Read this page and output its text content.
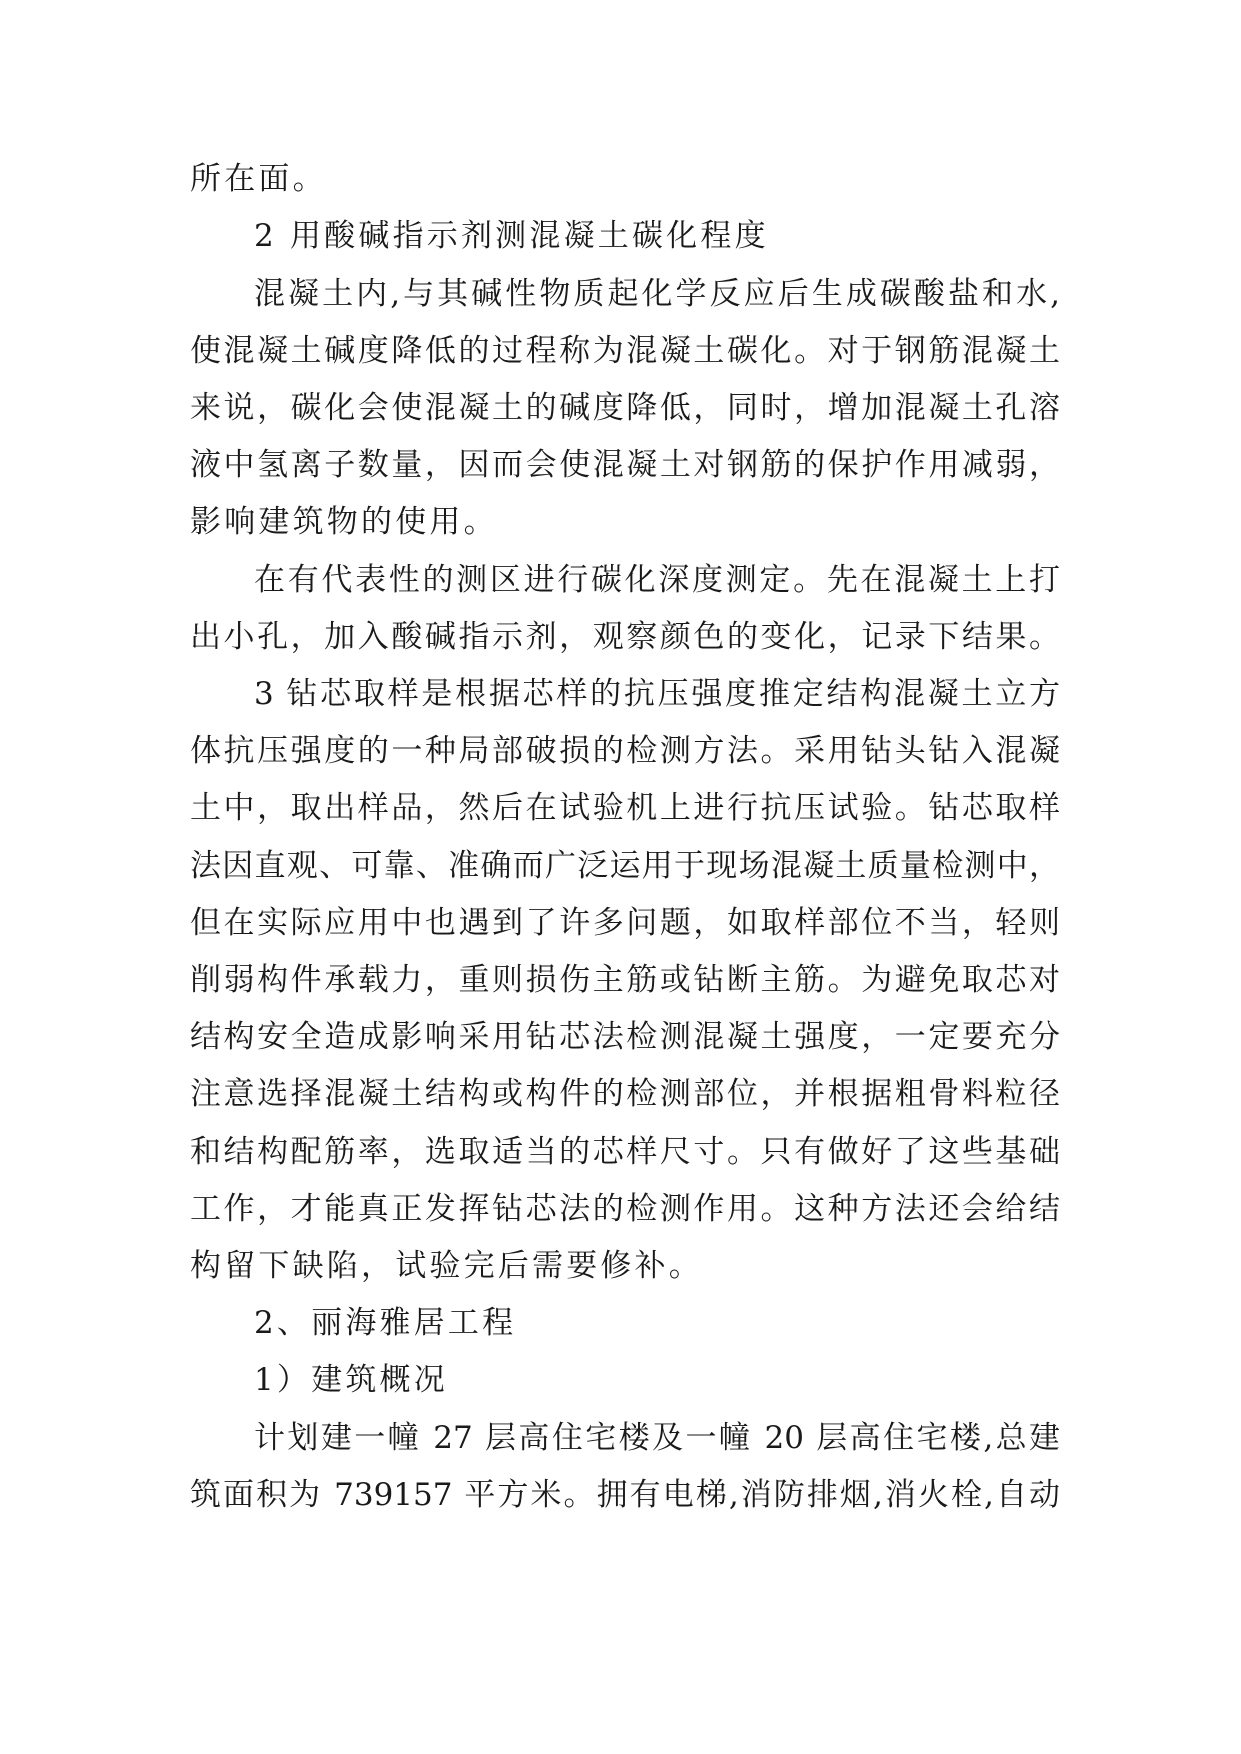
所在面。
2 用酸碱指示剂测混凝土碳化程度
混凝土内,与其碱性物质起化学反应后生成碳酸盐和水,
使混凝土碱度降低的过程称为混凝土碳化。对于钢筋混凝土
来说，碳化会使混凝土的碱度降低，同时，增加混凝土孔溶
液中氢离子数量，因而会使混凝土对钢筋的保护作用减弱，
影响建筑物的使用。
在有代表性的测区进行碳化深度测定。先在混凝土上打
出小孔，加入酸碱指示剂，观察颜色的变化，记录下结果。
3 钻芯取样是根据芯样的抗压强度推定结构混凝土立方
体抗压强度的一种局部破损的检测方法。采用钻头钻入混凝
土中，取出样品，然后在试验机上进行抗压试验。钻芯取样
法因直观、可靠、准确而广泛运用于现场混凝土质量检测中，
但在实际应用中也遇到了许多问题，如取样部位不当，轻则
削弱构件承载力，重则损伤主筋或钻断主筋。为避免取芯对
结构安全造成影响采用钻芯法检测混凝土强度，一定要充分
注意选择混凝土结构或构件的检测部位，并根据粗骨料粒径
和结构配筋率，选取适当的芯样尺寸。只有做好了这些基础
工作，才能真正发挥钻芯法的检测作用。这种方法还会给结
构留下缺陷，试验完后需要修补。
2、丽海雅居工程
1）建筑概况
计划建一幢 27 层高住宅楼及一幢 20 层高住宅楼,总建
筑面积为 739157 平方米。拥有电梯,消防排烟,消火栓,自动
